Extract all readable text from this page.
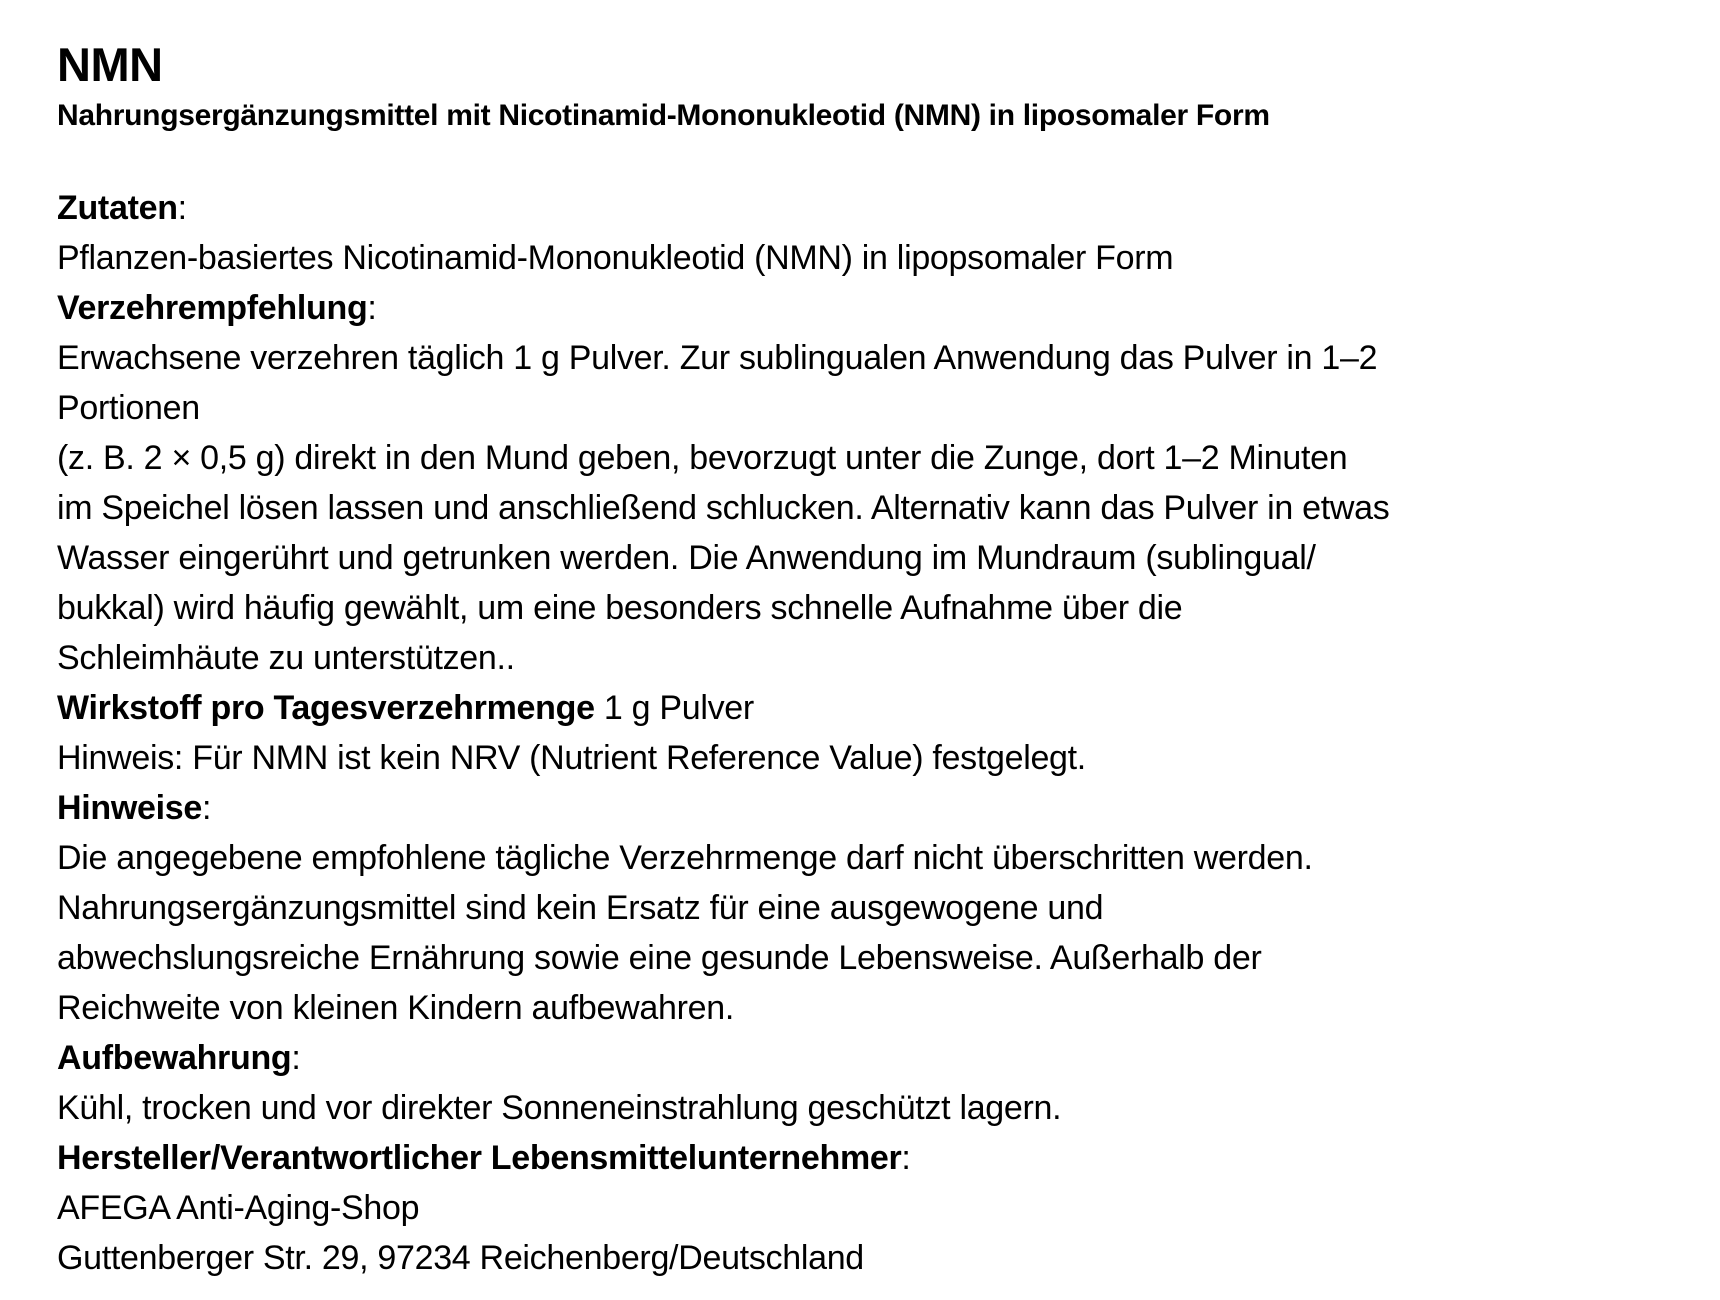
NMN

Nahrungsergänzungsmittel mit Nicotinamid-Mononukleotid (NMN) in liposomaler Form

Zutaten:

Pflanzen-basiertes Nicotinamid-Mononukleotid (NMN) in lipopsomaler Form

Verzehrempfehlung:

Erwachsene verzehren täglich 1 g Pulver. Zur sublingualen Anwendung das Pulver in 1–2

Portionen

(z. B. 2 × 0,5 g) direkt in den Mund geben, bevorzugt unter die Zunge, dort 1–2 Minuten

im Speichel lösen lassen und anschließend schlucken. Alternativ kann das Pulver in etwas

Wasser eingerührt und getrunken werden. Die Anwendung im Mundraum (sublingual/

bukkal) wird häufig gewählt, um eine besonders schnelle Aufnahme über die

Schleimhäute zu unterstützen..

Wirkstoff pro Tagesverzehrmenge 1 g Pulver

Hinweis: Für NMN ist kein NRV (Nutrient Reference Value) festgelegt.

Hinweise:

Die angegebene empfohlene tägliche Verzehrmenge darf nicht überschritten werden.

Nahrungsergänzungsmittel sind kein Ersatz für eine ausgewogene und

abwechslungsreiche Ernährung sowie eine gesunde Lebensweise. Außerhalb der

Reichweite von kleinen Kindern aufbewahren.

Aufbewahrung:

Kühl, trocken und vor direkter Sonneneinstrahlung geschützt lagern.

Hersteller/Verantwortlicher Lebensmittelunternehmer:

AFEGA Anti-Aging-Shop

Guttenberger Str. 29, 97234 Reichenberg/Deutschland
